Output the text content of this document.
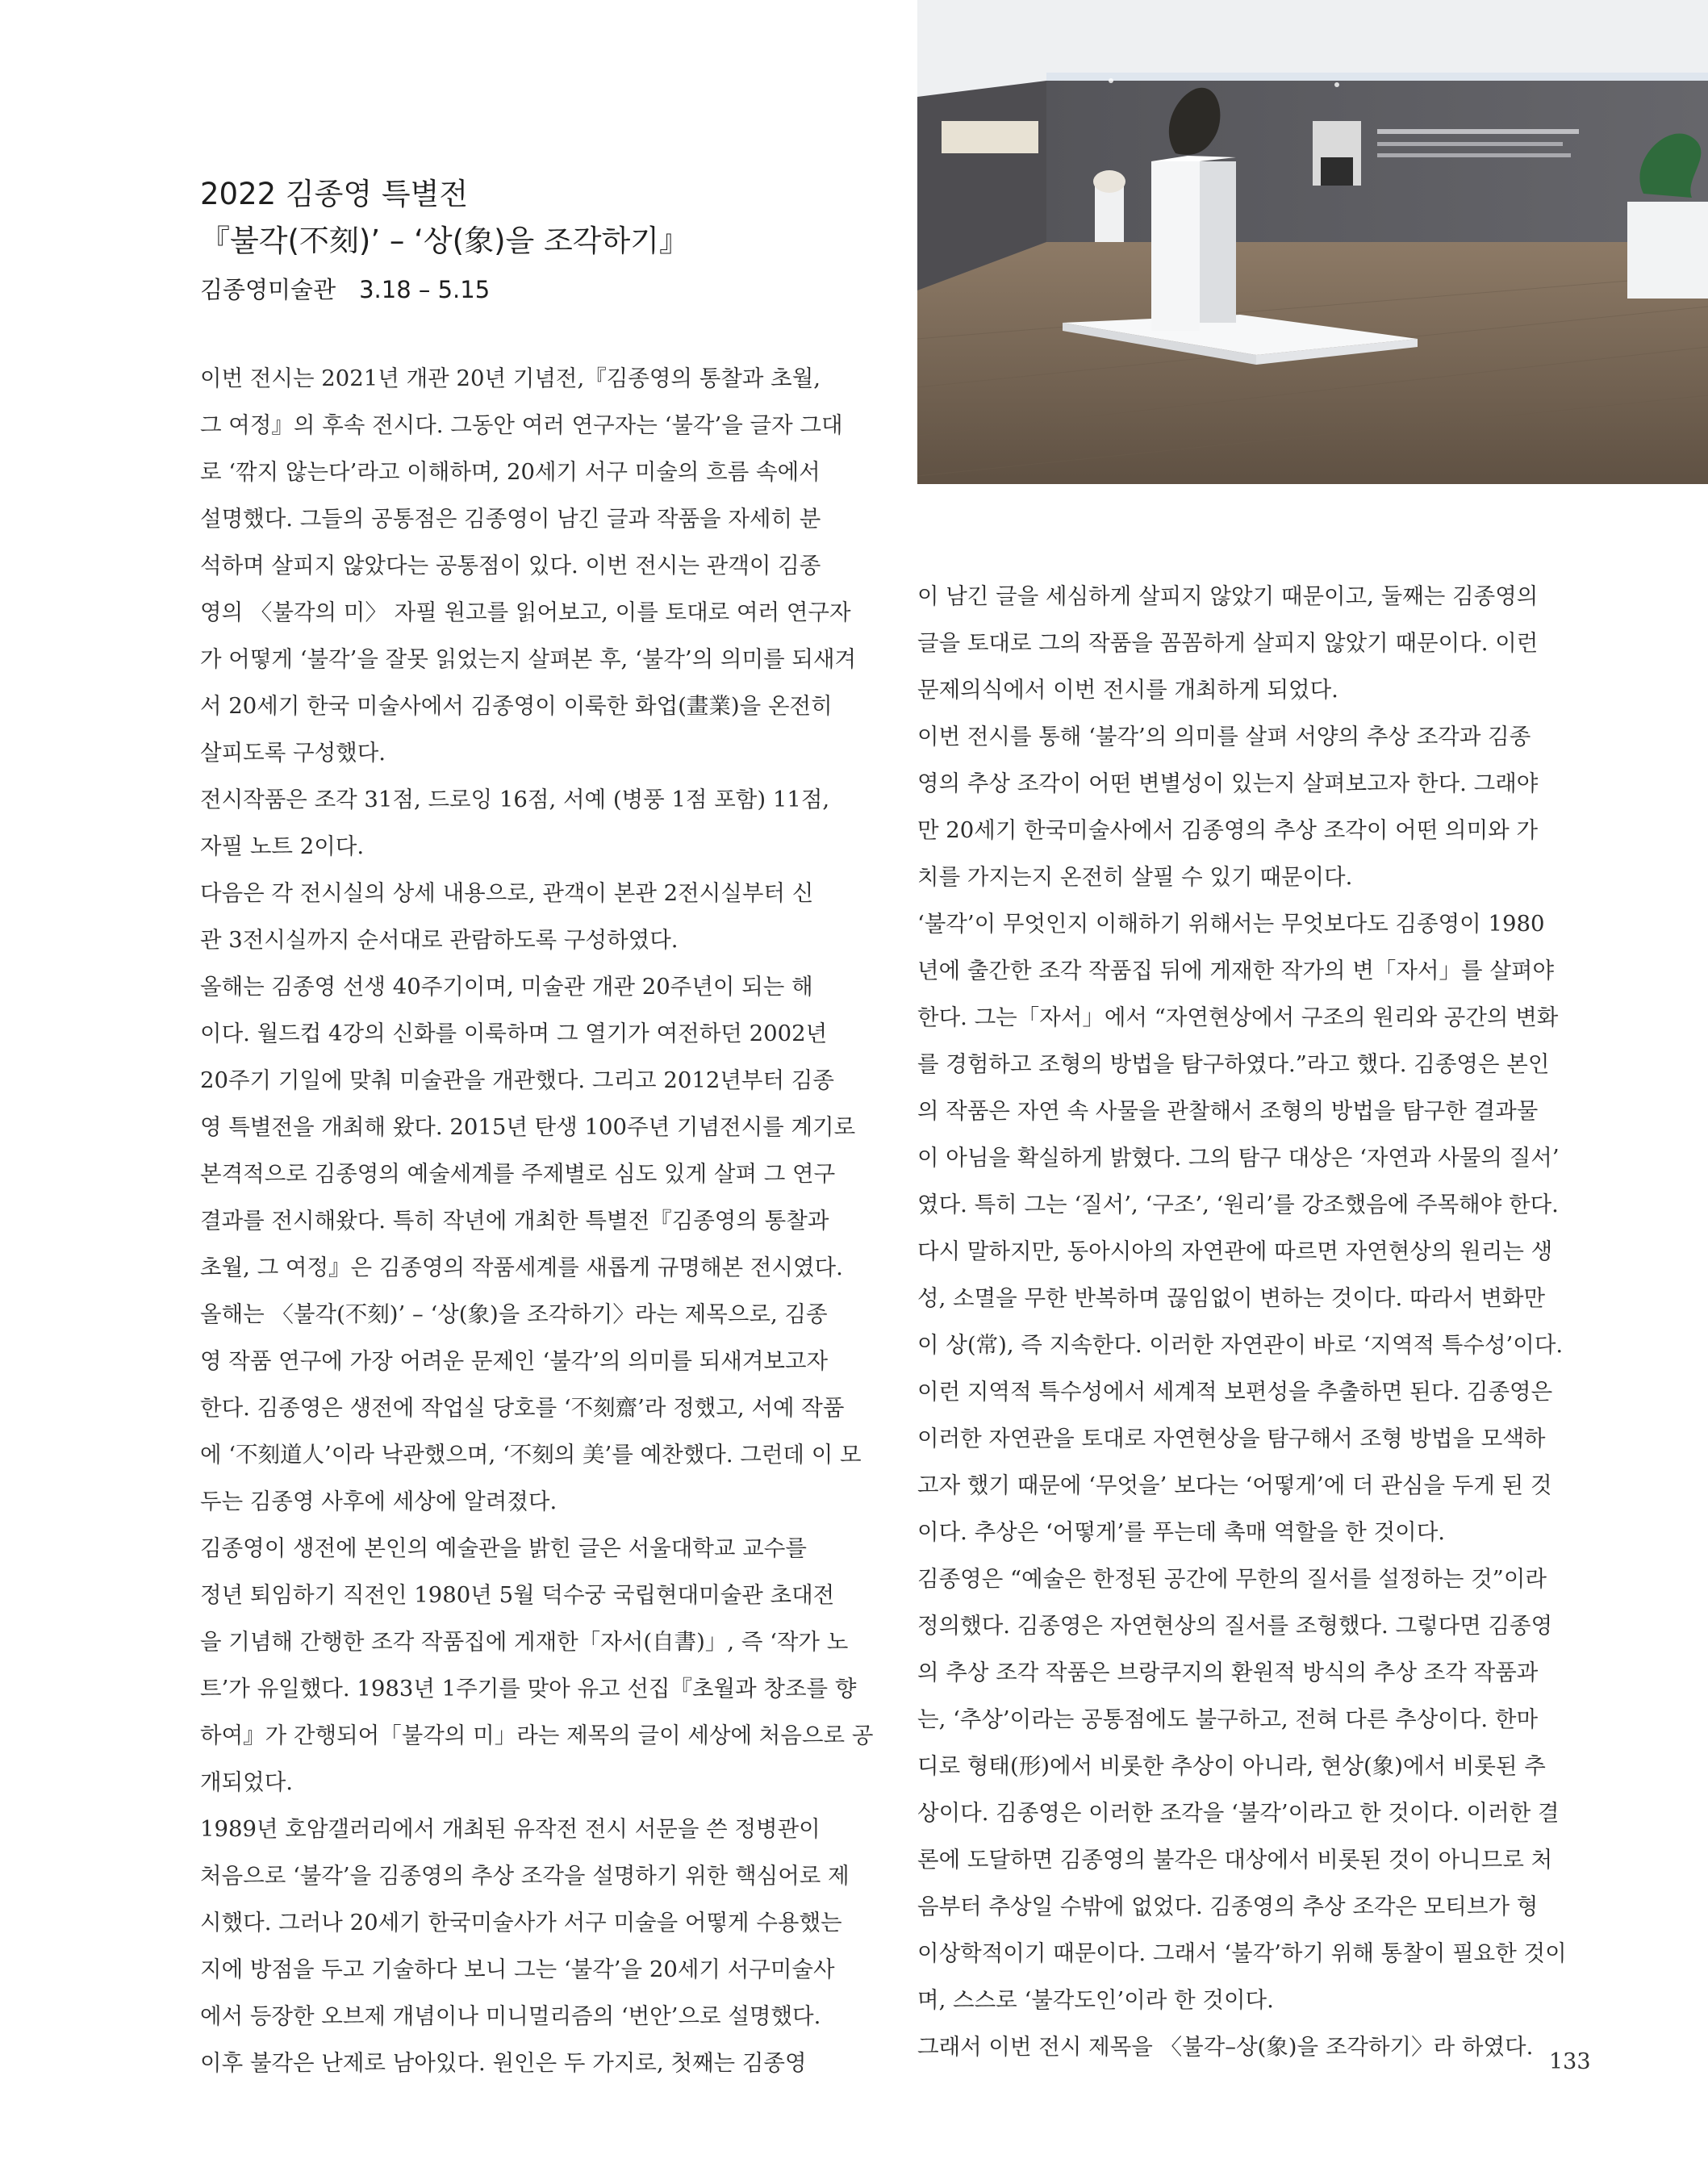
2022 김종영 특별전
『불각(不刻)’ – ‘상(象)을 조각하기』
김종영미술관　3.18 – 5.15
이번 전시는 2021년 개관 20년 기념전,『김종영의 통찰과 초월,
그 여정』의 후속 전시다. 그동안 여러 연구자는 ‘불각’을 글자 그대
로 ‘깎지 않는다’라고 이해하며, 20세기 서구 미술의 흐름 속에서
설명했다. 그들의 공통점은 김종영이 남긴 글과 작품을 자세히 분
석하며 살피지 않았다는 공통점이 있다. 이번 전시는 관객이 김종
영의 〈불각의 미〉 자필 원고를 읽어보고, 이를 토대로 여러 연구자
가 어떻게 ‘불각’을 잘못 읽었는지 살펴본 후, ‘불각’의 의미를 되새겨
서 20세기 한국 미술사에서 김종영이 이룩한 화업(畫業)을 온전히
살피도록 구성했다.
전시작품은 조각 31점, 드로잉 16점, 서예 (병풍 1점 포함) 11점,
자필 노트 2이다.
다음은 각 전시실의 상세 내용으로, 관객이 본관 2전시실부터 신
관 3전시실까지 순서대로 관람하도록 구성하였다.
올해는 김종영 선생 40주기이며, 미술관 개관 20주년이 되는 해
이다. 월드컵 4강의 신화를 이룩하며 그 열기가 여전하던 2002년
20주기 기일에 맞춰 미술관을 개관했다. 그리고 2012년부터 김종
영 특별전을 개최해 왔다. 2015년 탄생 100주년 기념전시를 계기로
본격적으로 김종영의 예술세계를 주제별로 심도 있게 살펴 그 연구
결과를 전시해왔다. 특히 작년에 개최한 특별전『김종영의 통찰과
초월, 그 여정』은 김종영의 작품세계를 새롭게 규명해본 전시였다.
올해는 〈불각(不刻)’ – ‘상(象)을 조각하기〉라는 제목으로, 김종
영 작품 연구에 가장 어려운 문제인 ‘불각’의 의미를 되새겨보고자
한다. 김종영은 생전에 작업실 당호를 ‘不刻齋’라 정했고, 서예 작품
에 ‘不刻道人’이라 낙관했으며, ‘不刻의 美’를 예찬했다. 그런데 이 모
두는 김종영 사후에 세상에 알려졌다.
김종영이 생전에 본인의 예술관을 밝힌 글은 서울대학교 교수를
정년 퇴임하기 직전인 1980년 5월 덕수궁 국립현대미술관 초대전
을 기념해 간행한 조각 작품집에 게재한「자서(自書)」, 즉 ‘작가 노
트’가 유일했다. 1983년 1주기를 맞아 유고 선집『초월과 창조를 향
하여』가 간행되어「불각의 미」라는 제목의 글이 세상에 처음으로 공
개되었다.
1989년 호암갤러리에서 개최된 유작전 전시 서문을 쓴 정병관이
처음으로 ‘불각’을 김종영의 추상 조각을 설명하기 위한 핵심어로 제
시했다. 그러나 20세기 한국미술사가 서구 미술을 어떻게 수용했는
지에 방점을 두고 기술하다 보니 그는 ‘불각’을 20세기 서구미술사
에서 등장한 오브제 개념이나 미니멀리즘의 ‘번안’으로 설명했다.
이후 불각은 난제로 남아있다. 원인은 두 가지로, 첫째는 김종영
이 남긴 글을 세심하게 살피지 않았기 때문이고, 둘째는 김종영의
글을 토대로 그의 작품을 꼼꼼하게 살피지 않았기 때문이다. 이런
문제의식에서 이번 전시를 개최하게 되었다.
이번 전시를 통해 ‘불각’의 의미를 살펴 서양의 추상 조각과 김종
영의 추상 조각이 어떤 변별성이 있는지 살펴보고자 한다. 그래야
만 20세기 한국미술사에서 김종영의 추상 조각이 어떤 의미와 가
치를 가지는지 온전히 살필 수 있기 때문이다.
‘불각’이 무엇인지 이해하기 위해서는 무엇보다도 김종영이 1980
년에 출간한 조각 작품집 뒤에 게재한 작가의 변「자서」를 살펴야
한다. 그는「자서」에서 “자연현상에서 구조의 원리와 공간의 변화
를 경험하고 조형의 방법을 탐구하였다.”라고 했다. 김종영은 본인
의 작품은 자연 속 사물을 관찰해서 조형의 방법을 탐구한 결과물
이 아님을 확실하게 밝혔다. 그의 탐구 대상은 ‘자연과 사물의 질서’
였다. 특히 그는 ‘질서’, ‘구조’, ‘원리’를 강조했음에 주목해야 한다.
다시 말하지만, 동아시아의 자연관에 따르면 자연현상의 원리는 생
성, 소멸을 무한 반복하며 끊임없이 변하는 것이다. 따라서 변화만
이 상(常), 즉 지속한다. 이러한 자연관이 바로 ‘지역적 특수성’이다.
이런 지역적 특수성에서 세계적 보편성을 추출하면 된다. 김종영은
이러한 자연관을 토대로 자연현상을 탐구해서 조형 방법을 모색하
고자 했기 때문에 ‘무엇을’ 보다는 ‘어떻게’에 더 관심을 두게 된 것
이다. 추상은 ‘어떻게’를 푸는데 촉매 역할을 한 것이다.
김종영은 “예술은 한정된 공간에 무한의 질서를 설정하는 것”이라
정의했다. 김종영은 자연현상의 질서를 조형했다. 그렇다면 김종영
의 추상 조각 작품은 브랑쿠지의 환원적 방식의 추상 조각 작품과
는, ‘추상’이라는 공통점에도 불구하고, 전혀 다른 추상이다. 한마
디로 형태(形)에서 비롯한 추상이 아니라, 현상(象)에서 비롯된 추
상이다. 김종영은 이러한 조각을 ‘불각’이라고 한 것이다. 이러한 결
론에 도달하면 김종영의 불각은 대상에서 비롯된 것이 아니므로 처
음부터 추상일 수밖에 없었다. 김종영의 추상 조각은 모티브가 형
이상학적이기 때문이다. 그래서 ‘불각’하기 위해 통찰이 필요한 것이
며, 스스로 ‘불각도인’이라 한 것이다.
그래서 이번 전시 제목을 〈불각–상(象)을 조각하기〉라 하였다.
133
